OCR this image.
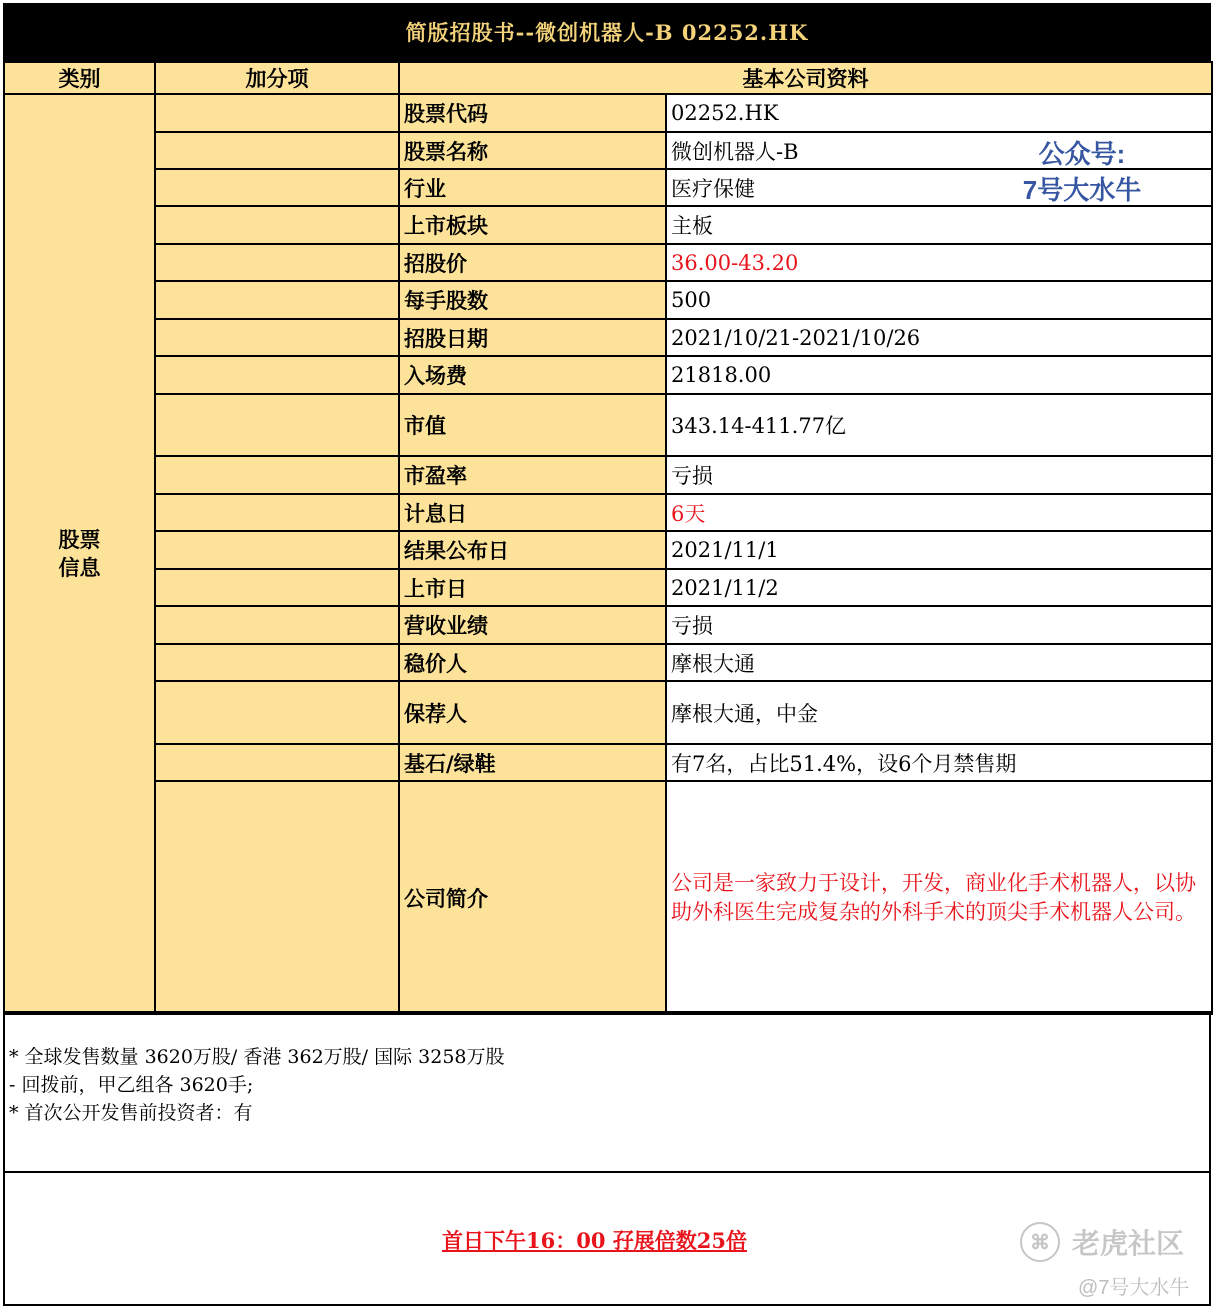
简版招股书--微创机器人-B 02252.HK
类别	加分项	基本公司资料	

股票信息		股票代码	02252.HK
		股票名称	微创机器人-B
		行业	医疗保健
		上市板块	主板
		招股价	36.00-43.20
		每手股数	500
		招股日期	2021/10/21-2021/10/26
		入场费	21818.00
		市值	343.14-411.77亿
		市盈率	亏损
		计息日	6天
		结果公布日	2021/11/1
		上市日	2021/11/2
		营收业绩	亏损
		稳价人	摩根大通
		保荐人	摩根大通，中金
		基石/绿鞋	有7名，占比51.4%，设6个月禁售期
		公司简介	公司是一家致力于设计，开发，商业化手术机器人，以协助外科医生完成复杂的外科手术的顶尖手术机器人公司。
公众号:
7号大水牛
* 全球发售数量 3620万股/ 香港 362万股/ 国际 3258万股
- 回拨前，甲乙组各 3620手;
* 首次公开发售前投资者：有
首日下午16：00 孖展倍数25倍	⌘ 老虎社区
@7号大水牛
